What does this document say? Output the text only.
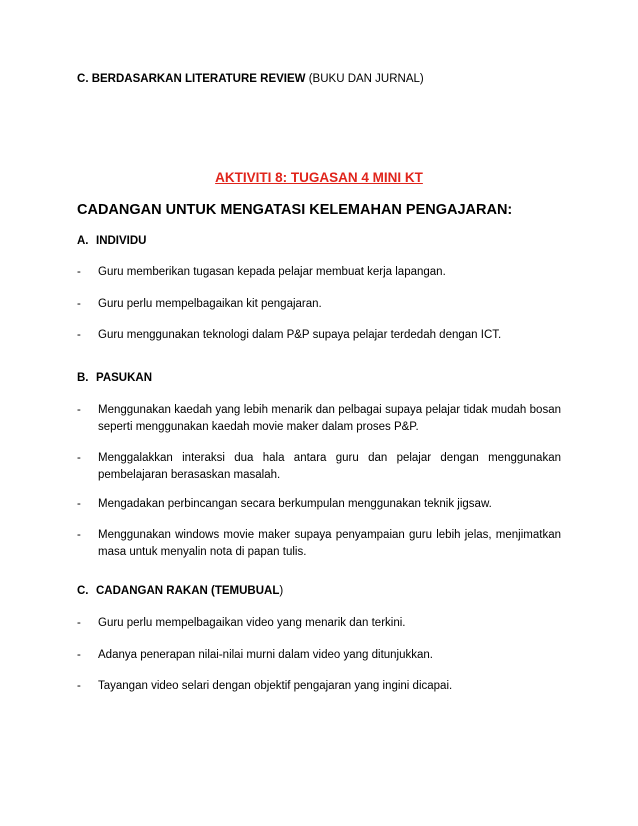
C. BERDASARKAN LITERATURE REVIEW (BUKU DAN JURNAL)
AKTIVITI 8: TUGASAN 4 MINI KT
CADANGAN UNTUK MENGATASI KELEMAHAN PENGAJARAN:
A. INDIVIDU
- Guru memberikan tugasan kepada pelajar membuat kerja lapangan.
- Guru perlu mempelbagaikan kit pengajaran.
- Guru menggunakan teknologi dalam P&P supaya pelajar terdedah dengan ICT.
B. PASUKAN
- Menggunakan kaedah yang lebih menarik dan pelbagai supaya pelajar tidak mudah bosan seperti menggunakan kaedah movie maker dalam proses P&P.
- Menggalakkan interaksi dua hala antara guru dan pelajar dengan menggunakan pembelajaran berasaskan masalah.
- Mengadakan perbincangan secara berkumpulan menggunakan teknik jigsaw.
- Menggunakan windows movie maker supaya penyampaian guru lebih jelas, menjimatkan masa untuk menyalin nota di papan tulis.
C. CADANGAN RAKAN (TEMUBUAL)
- Guru perlu mempelbagaikan video yang menarik dan terkini.
- Adanya penerapan nilai-nilai murni dalam video yang ditunjukkan.
- Tayangan video selari dengan objektif pengajaran yang ingini dicapai.
